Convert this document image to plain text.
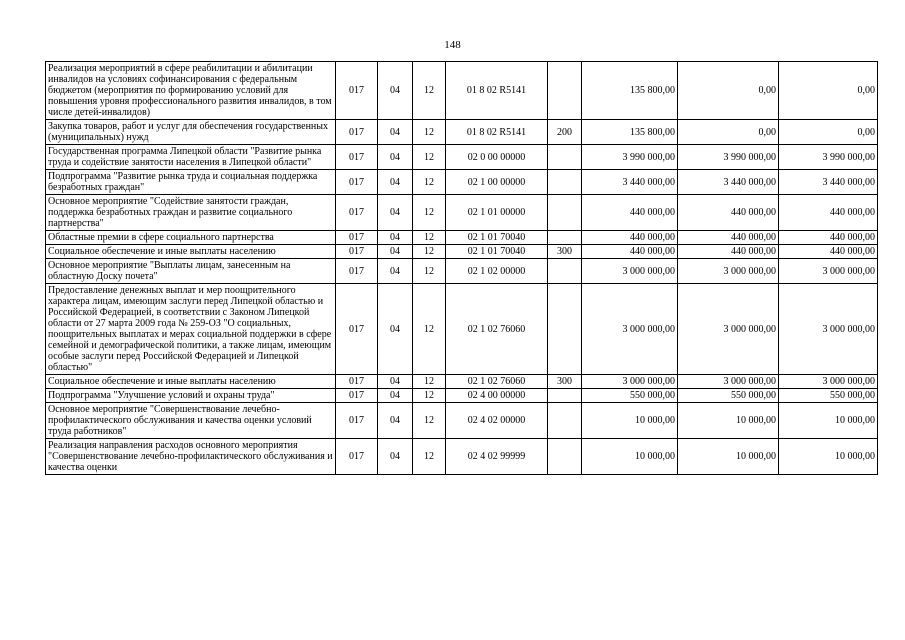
148
Реализация мероприятий в сфере реабилитации и абилитации инвалидов на условиях софинансирования с федеральным бюджетом (мероприятия по формированию условий для повышения уровня профессионального развития инвалидов, в том числе детей-инвалидов)	017	04	12	01 8 02 R5141		135 800,00	0,00	0,00
Закупка товаров, работ и услуг для обеспечения государственных (муниципальных) нужд	017	04	12	01 8 02 R5141	200	135 800,00	0,00	0,00
Государственная программа Липецкой области "Развитие рынка труда и содействие занятости населения в Липецкой области"	017	04	12	02 0 00 00000		3 990 000,00	3 990 000,00	3 990 000,00
Подпрограмма "Развитие рынка труда и социальная поддержка безработных граждан"	017	04	12	02 1 00 00000		3 440 000,00	3 440 000,00	3 440 000,00
Основное мероприятие "Содействие занятости граждан, поддержка безработных граждан и развитие социального партнерства"	017	04	12	02 1 01 00000		440 000,00	440 000,00	440 000,00
Областные премии в сфере социального партнерства	017	04	12	02 1 01 70040		440 000,00	440 000,00	440 000,00
Социальное обеспечение и иные выплаты населению	017	04	12	02 1 01 70040	300	440 000,00	440 000,00	440 000,00
Основное мероприятие "Выплаты лицам, занесенным на областную Доску почета"	017	04	12	02 1 02 00000		3 000 000,00	3 000 000,00	3 000 000,00
Предоставление денежных выплат и мер поощрительного характера лицам, имеющим заслуги перед Липецкой областью и Российской Федерацией, в соответствии с Законом Липецкой области от 27 марта 2009 года № 259-ОЗ "О социальных, поощрительных выплатах и мерах социальной поддержки в сфере семейной и демографической политики, а также лицам, имеющим особые заслуги перед Российской Федерацией и Липецкой областью"	017	04	12	02 1 02 76060		3 000 000,00	3 000 000,00	3 000 000,00
Социальное обеспечение и иные выплаты населению	017	04	12	02 1 02 76060	300	3 000 000,00	3 000 000,00	3 000 000,00
Подпрограмма "Улучшение условий и охраны труда"	017	04	12	02 4 00 00000		550 000,00	550 000,00	550 000,00
Основное мероприятие "Совершенствование лечебно-профилактического обслуживания и качества оценки условий труда работников"	017	04	12	02 4 02 00000		10 000,00	10 000,00	10 000,00
Реализация направления расходов основного мероприятия "Совершенствование лечебно-профилактического обслуживания и качества оценки	017	04	12	02 4 02 99999		10 000,00	10 000,00	10 000,00
